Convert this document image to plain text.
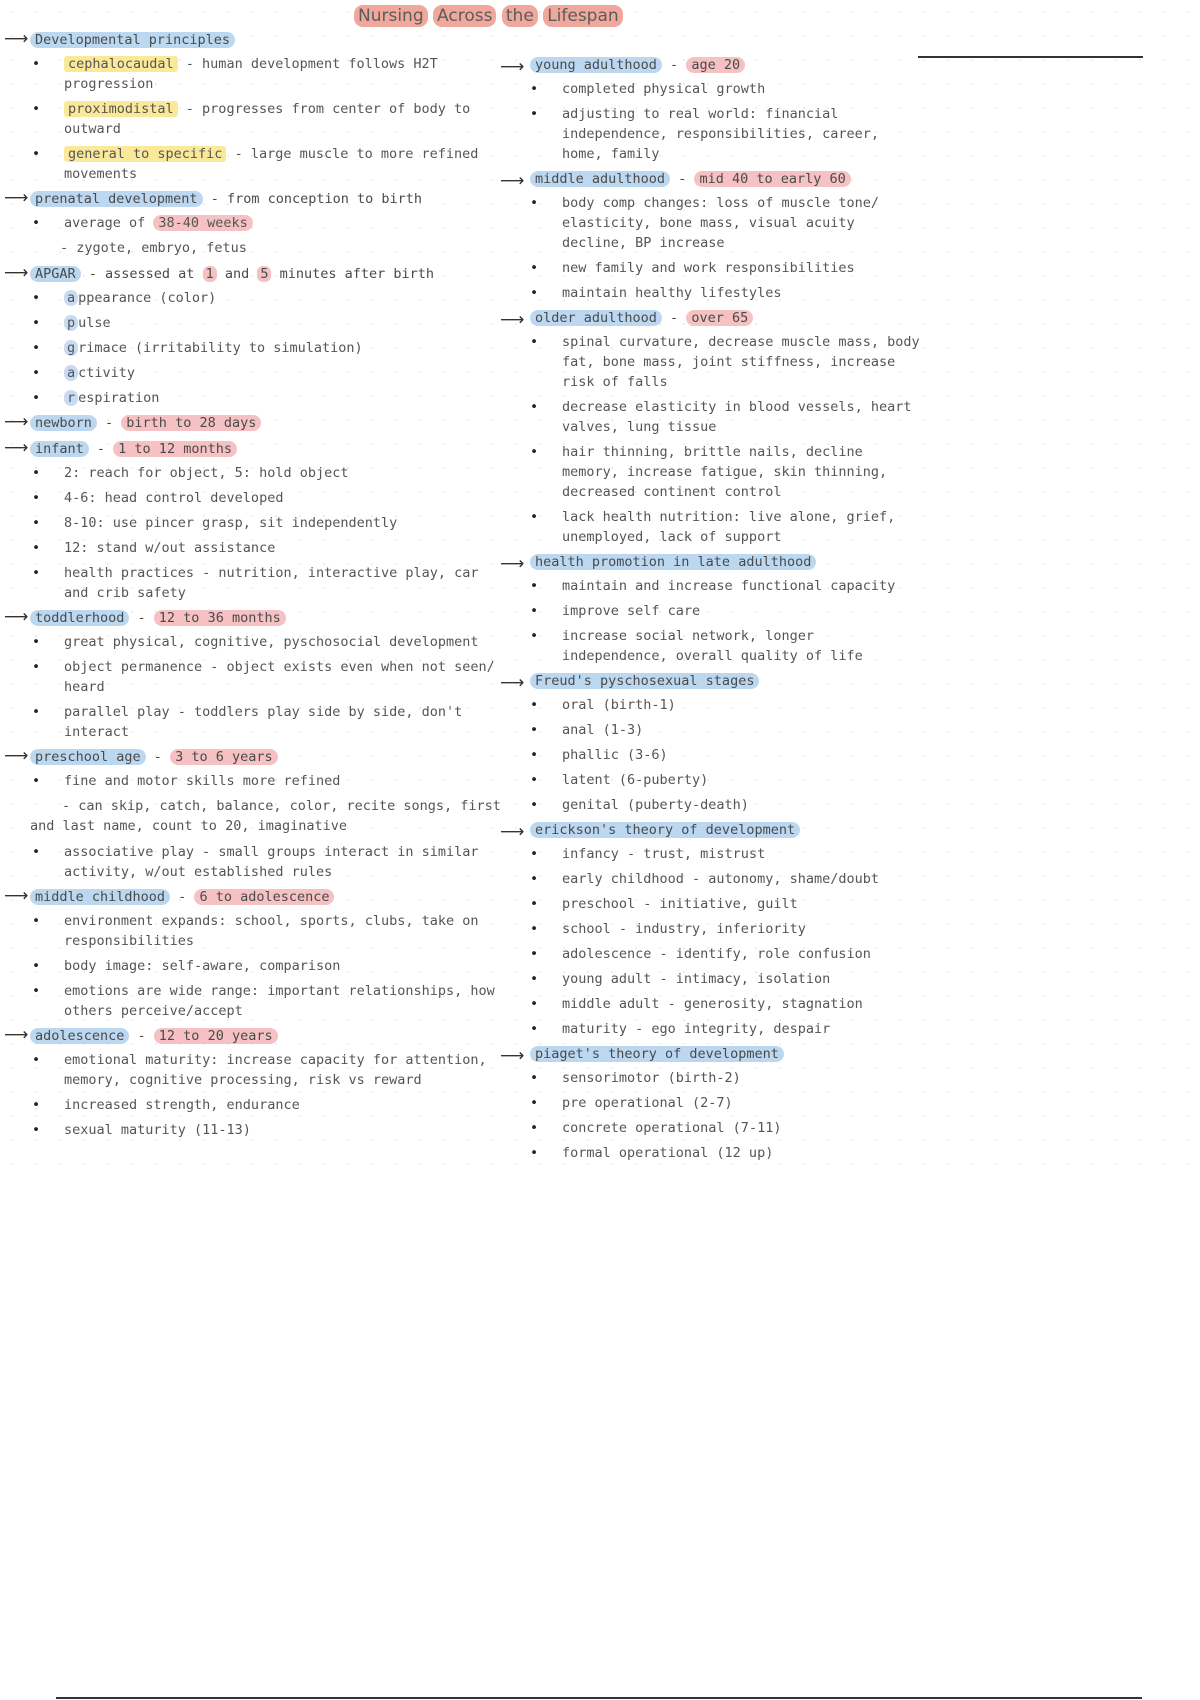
Nursing Across the Lifespan
⟶ Developmental principles
• cephalocaudal - human development follows H2T progression
• proximodistal - progresses from center of body to outward
• general to specific - large muscle to more refined movements
⟶ prenatal development - from conception to birth
• average of 38-40 weeks
- zygote, embryo, fetus
⟶ APGAR - assessed at 1 and 5 minutes after birth
• a ppearance (color)
• p ulse
• g rimace (irritability to simulation)
• a ctivity
• r espiration
⟶ newborn - birth to 28 days
⟶ infant - 1 to 12 months
• 2: reach for object, 5: hold object
• 4-6: head control developed
• 8-10: use pincer grasp, sit independently
• 12: stand w/out assistance
• health practices - nutrition, interactive play, car and crib safety
⟶ toddlerhood - 12 to 36 months
• great physical, cognitive, pyschosocial development
• object permanence - object exists even when not seen/ heard
• parallel play - toddlers play side by side, don't interact
⟶ preschool age - 3 to 6 years
• fine and motor skills more refined
- can skip, catch, balance, color, recite songs, first and last name, count to 20, imaginative
• associative play - small groups interact in similar activity, w/out established rules
⟶ middle childhood - 6 to adolescence
• environment expands: school, sports, clubs, take on responsibilities
• body image: self-aware, comparison
• emotions are wide range: important relationships, how others perceive/accept
⟶ adolescence - 12 to 20 years
• emotional maturity: increase capacity for attention, memory, cognitive processing, risk vs reward
• increased strength, endurance
• sexual maturity (11-13)
⟶ young adulthood - age 20
• completed physical growth
• adjusting to real world: financial independence, responsibilities, career, home, family
⟶ middle adulthood - mid 40 to early 60
• body comp changes: loss of muscle tone/ elasticity, bone mass, visual acuity decline, BP increase
• new family and work responsibilities
• maintain healthy lifestyles
⟶ older adulthood - over 65
• spinal curvature, decrease muscle mass, body fat, bone mass, joint stiffness, increase risk of falls
• decrease elasticity in blood vessels, heart valves, lung tissue
• hair thinning, brittle nails, decline memory, increase fatigue, skin thinning, decreased continent control
• lack health nutrition: live alone, grief, unemployed, lack of support
⟶ health promotion in late adulthood
• maintain and increase functional capacity
• improve self care
• increase social network, longer independence, overall quality of life
⟶ Freud's pyschosexual stages
• oral (birth-1)
• anal (1-3)
• phallic (3-6)
• latent (6-puberty)
• genital (puberty-death)
⟶ erickson's theory of development
• infancy - trust, mistrust
• early childhood - autonomy, shame/doubt
• preschool - initiative, guilt
• school - industry, inferiority
• adolescence - identify, role confusion
• young adult - intimacy, isolation
• middle adult - generosity, stagnation
• maturity - ego integrity, despair
⟶ piaget's theory of development
• sensorimotor (birth-2)
• pre operational (2-7)
• concrete operational (7-11)
• formal operational (12 up)
